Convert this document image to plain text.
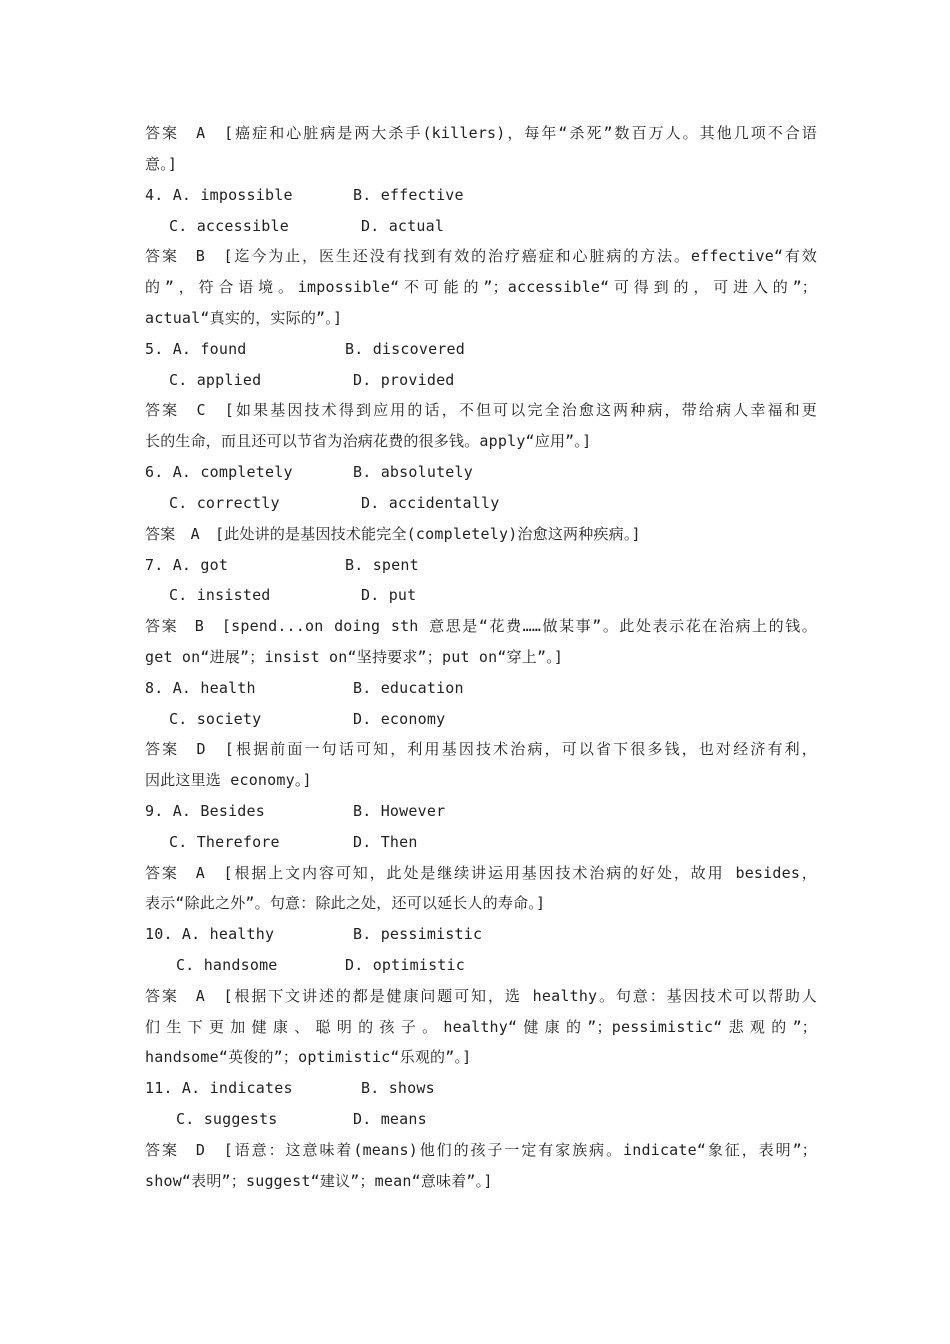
答案　A　[癌症和心脏病是两大杀手(killers)，每年“杀死”数百万人。其他几项不合语
意。]
4. A. impossible	B. effective
C. accessible	D. actual
答案　B　[迄今为止，医生还没有找到有效的治疗癌症和心脏病的方法。effective“有效
的”，符合语境。impossible“不可能的”；accessible“可得到的，可进入的”；
actual“真实的，实际的”。]
5. A. found	B. discovered
C. applied	D. provided
答案　C　[如果基因技术得到应用的话，不但可以完全治愈这两种病，带给病人幸福和更
长的生命，而且还可以节省为治病花费的很多钱。apply“应用”。]
6. A. completely	B. absolutely
C. correctly	D. accidentally
答案　A　[此处讲的是基因技术能完全(completely)治愈这两种疾病。]
7. A. got	B. spent
C. insisted	D. put
答案　B　[spend...on doing sth 意思是“花费……做某事”。此处表示花在治病上的钱。
get on“进展”；insist on“坚持要求”；put on“穿上”。]
8. A. health	B. education
C. society	D. economy
答案　D　[根据前面一句话可知，利用基因技术治病，可以省下很多钱，也对经济有利，
因此这里选 economy。]
9. A. Besides	B. However
C. Therefore	D. Then
答案　A　[根据上文内容可知，此处是继续讲运用基因技术治病的好处，故用 besides，
表示“除此之外”。句意：除此之处，还可以延长人的寿命。]
10. A. healthy	B. pessimistic
C. handsome	D. optimistic
答案　A　[根据下文讲述的都是健康问题可知，选 healthy。句意：基因技术可以帮助人
们生下更加健康、聪明的孩子。healthy“健康的”；pessimistic“悲观的”；
handsome“英俊的”；optimistic“乐观的”。]
11. A. indicates	B. shows
C. suggests	D. means
答案　D　[语意：这意味着(means)他们的孩子一定有家族病。indicate“象征，表明”；
show“表明”；suggest“建议”；mean“意味着”。]
